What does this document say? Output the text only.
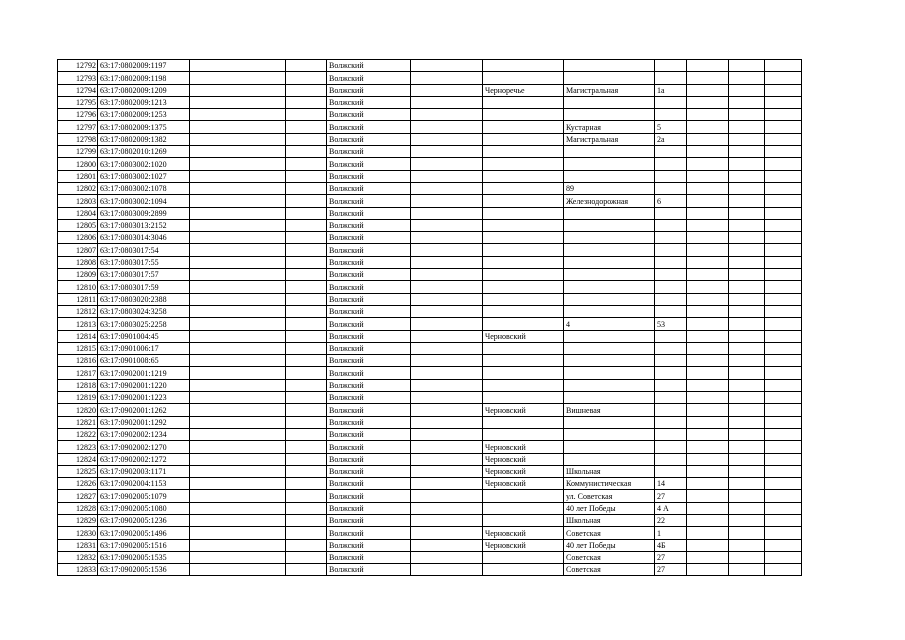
12792	63:17:0802009:1197			Волжский							
12793	63:17:0802009:1198			Волжский							
12794	63:17:0802009:1209			Волжский		Черноречье	Магистральная	1а			
12795	63:17:0802009:1213			Волжский							
12796	63:17:0802009:1253			Волжский							
12797	63:17:0802009:1375			Волжский			Кустарная	5			
12798	63:17:0802009:1382			Волжский			Магистральная	2а			
12799	63:17:0802010:1269			Волжский							
12800	63:17:0803002:1020			Волжский							
12801	63:17:0803002:1027			Волжский							
12802	63:17:0803002:1078			Волжский			89				
12803	63:17:0803002:1094			Волжский			Железнодорожная	6			
12804	63:17:0803009:2899			Волжский							
12805	63:17:0803013:2152			Волжский							
12806	63:17:0803014:3046			Волжский							
12807	63:17:0803017:54			Волжский							
12808	63:17:0803017:55			Волжский							
12809	63:17:0803017:57			Волжский							
12810	63:17:0803017:59			Волжский							
12811	63:17:0803020:2388			Волжский							
12812	63:17:0803024:3258			Волжский							
12813	63:17:0803025:2258			Волжский			4	53			
12814	63:17:0901004:45			Волжский		Черновский					
12815	63:17:0901006:17			Волжский							
12816	63:17:0901008:65			Волжский							
12817	63:17:0902001:1219			Волжский							
12818	63:17:0902001:1220			Волжский							
12819	63:17:0902001:1223			Волжский							
12820	63:17:0902001:1262			Волжский		Черновский	Вишневая				
12821	63:17:0902001:1292			Волжский							
12822	63:17:0902002:1234			Волжский							
12823	63:17:0902002:1270			Волжский		Черновский					
12824	63:17:0902002:1272			Волжский		Черновский					
12825	63:17:0902003:1171			Волжский		Черновский	Школьная				
12826	63:17:0902004:1153			Волжский		Черновский	Коммунистическая	14			
12827	63:17:0902005:1079			Волжский			ул. Советская	27			
12828	63:17:0902005:1080			Волжский			40 лет Победы	4 А			
12829	63:17:0902005:1236			Волжский			Школьная	22			
12830	63:17:0902005:1496			Волжский		Черновский	Советская	1			
12831	63:17:0902005:1516			Волжский		Черновский	40 лет Победы	4Б			
12832	63:17:0902005:1535			Волжский			Советская	27			
12833	63:17:0902005:1536			Волжский			Советская	27			
